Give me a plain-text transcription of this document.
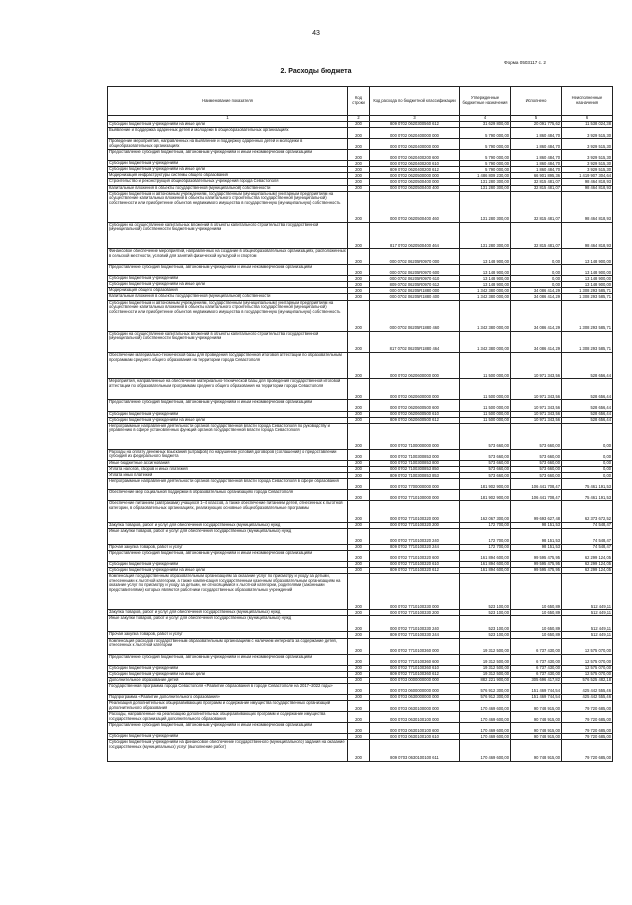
43
Форма 0503117 с. 2
2. Расходы бюджета
Наименование показателя	Код строки	Код расхода по бюджетной классификации	Утвержденные бюджетные назначения	Исполнено	Неисполненные назначения
1	2	3	4	5	6
Субсидии бюджетным учреждениям на иные цели	200	809 0702 0620300560 612	31 629 800,00	20 091 775,62	11 538 024,38
Выявление и поддержка одаренных детей и молодежи в общеобразовательных организациях	200	000 0702 0620400000 000	5 790 000,00	1 860 484,70	3 929 515,30
Проведение мероприятий, направленных на выявление и поддержку одаренных детей и молодежи в общеобразовательных организациях	200	000 0702 0620400000 000	5 790 000,00	1 860 484,70	3 929 515,30
Предоставление субсидий бюджетным, автономным учреждениям и иным некоммерческим организациям	200	000 0702 0620400200 600	5 790 000,00	1 860 484,70	3 929 515,30
Субсидии бюджетным учреждениям	200	000 0702 0620400200 610	5 790 000,00	1 860 484,70	3 929 515,30
Субсидии бюджетным учреждениям на иные цели	200	809 0702 0620400200 612	5 790 000,00	1 860 484,70	3 929 515,30
Модернизация инфраструктуры системы общего образования	200	000 0702 0620500000 000	1 486 809 230,00	66 901 895,36	1 419 907 304,64
Строительство и реконструкция общеобразовательных учреждений города Севастополя	200	000 0702 0620500400 000	131 280 300,00	32 815 481,07	98 464 818,93
Капитальные вложения в объекты государственной (муниципальной) собственности	200	000 0702 0620500400 400	131 280 300,00	32 815 481,07	98 464 818,93
Субсидии бюджетным и автономным учреждениям, государственным (муниципальным) унитарным предприятиям на осуществление капитальных вложений в объекты капитального строительства государственной (муниципальной) собственности или приобретение объектов недвижимого имущества в государственную (муниципальную) собственность	200	000 0702 0620500400 460	131 280 300,00	32 815 481,07	98 464 818,93
Субсидии на осуществление капитальных вложений в объекты капитального строительства государственной (муниципальной) собственности бюджетным учреждениям	200	817 0702 0620500400 464	131 280 300,00	32 815 481,07	98 464 818,93
Финансовое обеспечение мероприятий, направленных на создание в общеобразовательных организациях, расположенных в сельской местности, условий для занятий физической культурой и спортом	200	000 0702 06205R0970 000	13 148 900,00	0,00	13 148 900,00
Предоставление субсидий бюджетным, автономным учреждениям и иным некоммерческим организациям	200	000 0702 06205R0970 600	13 148 900,00	0,00	13 148 900,00
Субсидии бюджетным учреждениям	200	000 0702 06205R0970 610	13 148 900,00	0,00	13 148 900,00
Субсидии бюджетным учреждениям на иные цели	200	809 0702 06205R0970 612	13 148 900,00	0,00	13 148 900,00
Модернизация общего образования	200	000 0702 06205R1880 000	1 342 380 000,00	34 086 414,29	1 308 293 585,71
Капитальные вложения в объекты государственной (муниципальной) собственности	200	000 0702 06205R1880 400	1 342 380 000,00	34 086 414,29	1 308 293 585,71
Субсидии бюджетным и автономным учреждениям, государственным (муниципальным) унитарным предприятиям на осуществление капитальных вложений в объекты капитального строительства государственной (муниципальной) собственности или приобретение объектов недвижимого имущества в государственную (муниципальную) собственность	200	000 0702 06205R1880 460	1 342 380 000,00	34 086 414,29	1 308 293 585,71
Субсидии на осуществление капитальных вложений в объекты капитального строительства государственной (муниципальной) собственности бюджетным учреждениям	200	817 0702 06205R1880 464	1 342 380 000,00	34 086 414,29	1 308 293 585,71
Обеспечение материально-технической базы для проведения государственной итоговой аттестации по образовательным программам среднего общего образования на территории города Севастополя	200	000 0702 0620600000 000	11 500 000,00	10 971 343,56	528 656,44
Мероприятия, направленные на обеспечение материально-технической базы для проведения государственной итоговой аттестации по образовательным программам среднего общего образования на территории города Севастополя	200	000 0702 0620600000 000	11 500 000,00	10 971 343,56	528 656,44
Предоставление субсидий бюджетным, автономным учреждениям и иным некоммерческим организациям	200	000 0702 0620600500 600	11 500 000,00	10 971 343,56	528 656,44
Субсидии бюджетным учреждениям	200	000 0702 0620600500 610	11 500 000,00	10 971 343,56	528 656,44
Субсидии бюджетным учреждениям на иные цели	200	809 0702 0620600500 612	11 500 000,00	10 971 343,56	528 656,44
Непрограммные направления деятельности органов государственной власти города Севастополя по руководству и управлению в сфере установленных функций органов государственной власти города Севастополя	200	000 0702 7100000000 000	573 660,00	573 660,00	0,00
Расходы на оплату денежных взысканий (штрафов) по нарушению условий договоров (соглашений) о предоставлении субсидий из федерального бюджета	200	000 0702 7100300853 000	573 660,00	573 660,00	0,00
Иные бюджетные ассигнования	200	000 0702 7100300853 800	573 660,00	573 660,00	0,00
Уплата налогов, сборов и иных платежей	200	000 0702 7100300853 850	573 660,00	573 660,00	0,00
Уплата иных платежей	200	809 0702 7100300853 853	573 660,00	573 660,00	0,00
Непрограммные направления деятельности органов государственной власти города Севастополя в сфере образования	200	000 0702 7700000000 000	181 902 900,00	106 441 708,47	75 461 191,53
Обеспечение мер социальной поддержки в образовательных организациях города Севастополя	200	000 0702 7710100000 000	181 902 900,00	106 441 708,47	75 461 191,53
Обеспечение питанием (завтраками) учащихся 1–4 классов, а также обеспечение питанием детей, отнесенных к льготной категории, в образовательных организациях, реализующих основные общеобразовательные программы	200	000 0702 7710100320 000	162 067 300,00	99 693 627,48	62 373 672,52
Закупка товаров, работ и услуг для обеспечения государственных (муниципальных) нужд	200	000 0702 7710100320 200	172 700,00	98 151,53	74 548,47
Иные закупки товаров, работ и услуг для обеспечения государственных (муниципальных) нужд	200	000 0702 7710100320 240	172 700,00	98 151,53	74 548,47
Прочая закупка товаров, работ и услуг	200	809 0702 7710100320 244	172 700,00	98 151,53	74 548,47
Предоставление субсидий бюджетным, автономным учреждениям и иным некоммерческим организациям	200	000 0702 7710100320 600	161 894 600,00	99 595 475,95	62 299 124,05
Субсидии бюджетным учреждениям	200	000 0702 7710100320 610	161 894 600,00	99 595 475,95	62 299 124,05
Субсидии бюджетным учреждениям на иные цели	200	809 0702 7710100320 612	161 894 600,00	99 595 475,95	62 299 124,05
Компенсация государственным образовательным организациям за оказание услуг по присмотру и уходу за детьми, отнесенными к льготной категории, а также компенсация государственным казенным образовательным организациям на оказание услуг по присмотру и уходу за детьми, не относящимися к льготной категории, родителями (законными представителями) которых являются работники государственных образовательных учреждений	200	000 0702 7710100330 000	523 100,00	10 650,89	512 449,11
Закупка товаров, работ и услуг для обеспечения государственных (муниципальных) нужд	200	000 0702 7710100330 200	523 100,00	10 650,89	512 449,11
Иные закупки товаров, работ и услуг для обеспечения государственных (муниципальных) нужд	200	000 0702 7710100330 240	523 100,00	10 650,89	512 449,11
Прочая закупка товаров, работ и услуг	200	809 0702 7710100330 244	523 100,00	10 650,89	512 449,11
Компенсация расходов государственным образовательным организациям с наличием интерната за содержание детей, отнесенных к льготной категории	200	000 0702 7710100360 000	19 312 500,00	6 737 430,00	12 575 070,00
Предоставление субсидий бюджетным, автономным учреждениям и иным некоммерческим организациям	200	000 0702 7710100360 600	19 312 500,00	6 737 430,00	12 575 070,00
Субсидии бюджетным учреждениям	200	000 0702 7710100360 610	19 312 500,00	6 737 430,00	12 575 070,00
Субсидии бюджетным учреждениям на иные цели	200	809 0702 7710100360 612	19 312 500,00	6 737 430,00	12 575 070,00
Дополнительное образование детей	200	000 0703 0000000000 000	882 221 900,00	305 696 417,82	576 525 482,18
Государственная программа города Севастополя «Развитие образования в городе Севастополе на 2017–2022 годы»	200	000 0703 0600000000 000	576 912 300,00	151 469 744,54	425 442 555,46
Подпрограмма «Развитие дополнительного образования»	200	000 0703 0630000000 000	576 912 300,00	151 469 744,54	425 442 555,46
Реализация дополнительных общеразвивающих программ и содержание имущества государственных организаций дополнительного образования	200	000 0703 0630100000 000	170 469 600,00	90 748 915,00	79 720 685,00
Расходы, направленные на реализацию дополнительных общеразвивающих программ и содержание имущества государственных организаций дополнительного образования	200	000 0703 0630100100 000	170 469 600,00	90 748 915,00	79 720 685,00
Предоставление субсидий бюджетным, автономным учреждениям и иным некоммерческим организациям	200	000 0703 0630100100 600	170 469 600,00	90 748 915,00	79 720 685,00
Субсидии бюджетным учреждениям	200	000 0703 0630100100 610	170 469 600,00	90 748 915,00	79 720 685,00
Субсидии бюджетным учреждениям на финансовое обеспечение государственного (муниципального) задания на оказание государственных (муниципальных) услуг (выполнение работ)	200	809 0703 0630100100 611	170 469 600,00	90 748 915,00	79 720 685,00
